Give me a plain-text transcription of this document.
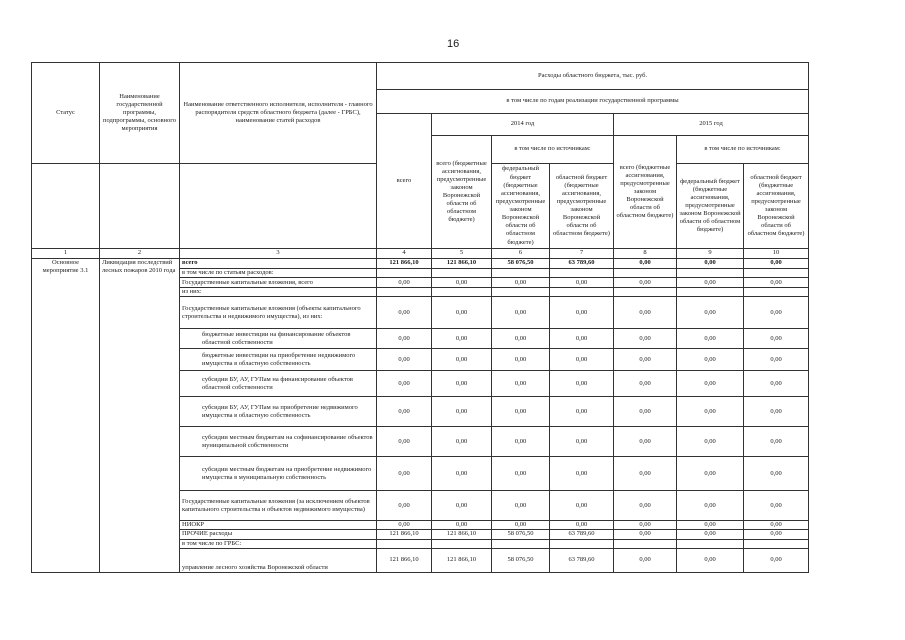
16
Статус	Наименование государственной программы, подпрограммы, основного мероприятия	Наименование ответственного исполнителя, исполнителя - главного распорядителя средств областного бюджета (далее - ГРБС), наименование статей расходов	Расходы областного бюджета, тыс. руб.						
			в том числе по годам реализации государственной программы						
			всего	2014 год			2015 год		
				всего (бюджетные ассигнования, предусмотренные законом Воронежской области об областном бюджете)	в том числе по источникам:		всего (бюджетные ассигнования, предусмотренные законом Воронежской области об областном бюджете)	в том числе по источникам:	
					федеральный бюджет (бюджетные ассигнования, предусмотренные законом Воронежской области об областном бюджете)	областной бюджет (бюджетные ассигнования, предусмотренные законом Воронежской области об областном бюджете)		федеральный бюджет (бюджетные ассигнования, предусмотренные законом Воронежской области об областном бюджете)	областной бюджет (бюджетные ассигнования, предусмотренные законом Воронежской области об областном бюджете)
1	2	3	4	5	6	7	8	9	10
Основное мероприятие 3.1	Ликвидация последствий лесных пожаров 2010 года	всего	121 866,10	121 866,10	58 076,50	63 789,60	0,00	0,00	0,00
		в том числе по статьям расходов:							
		Государственные капитальные вложения, всего	0,00	0,00	0,00	0,00	0,00	0,00	0,00
		из них:							
		Государственные капитальные вложения (объекты капитального строительства и недвижимого имущества), из них:	0,00	0,00	0,00	0,00	0,00	0,00	0,00
		бюджетные инвестиции на финансирование объектов областной собственности	0,00	0,00	0,00	0,00	0,00	0,00	0,00
		бюджетные инвестиции на приобретение недвижимого имущества в областную собственность	0,00	0,00	0,00	0,00	0,00	0,00	0,00
		субсидии БУ, АУ, ГУПам на финансирование объектов областной собственности	0,00	0,00	0,00	0,00	0,00	0,00	0,00
		субсидии БУ, АУ, ГУПам на приобретение недвижимого имущества в областную собственность	0,00	0,00	0,00	0,00	0,00	0,00	0,00
		субсидии местным бюджетам на софинансирование объектов муниципальной собственности	0,00	0,00	0,00	0,00	0,00	0,00	0,00
		субсидии местным бюджетам на приобретение недвижимого имущества в муниципальную собственность	0,00	0,00	0,00	0,00	0,00	0,00	0,00
		Государственные капитальные вложения (за исключением объектов капитального строительства и объектов недвижимого имущества)	0,00	0,00	0,00	0,00	0,00	0,00	0,00
		НИОКР	0,00	0,00	0,00	0,00	0,00	0,00	0,00
		ПРОЧИЕ расходы	121 866,10	121 866,10	58 076,50	63 789,60	0,00	0,00	0,00
		в том числе по ГРБС:							
		управление лесного хозяйства Воронежской области	121 866,10	121 866,10	58 076,50	63 789,60	0,00	0,00	0,00
